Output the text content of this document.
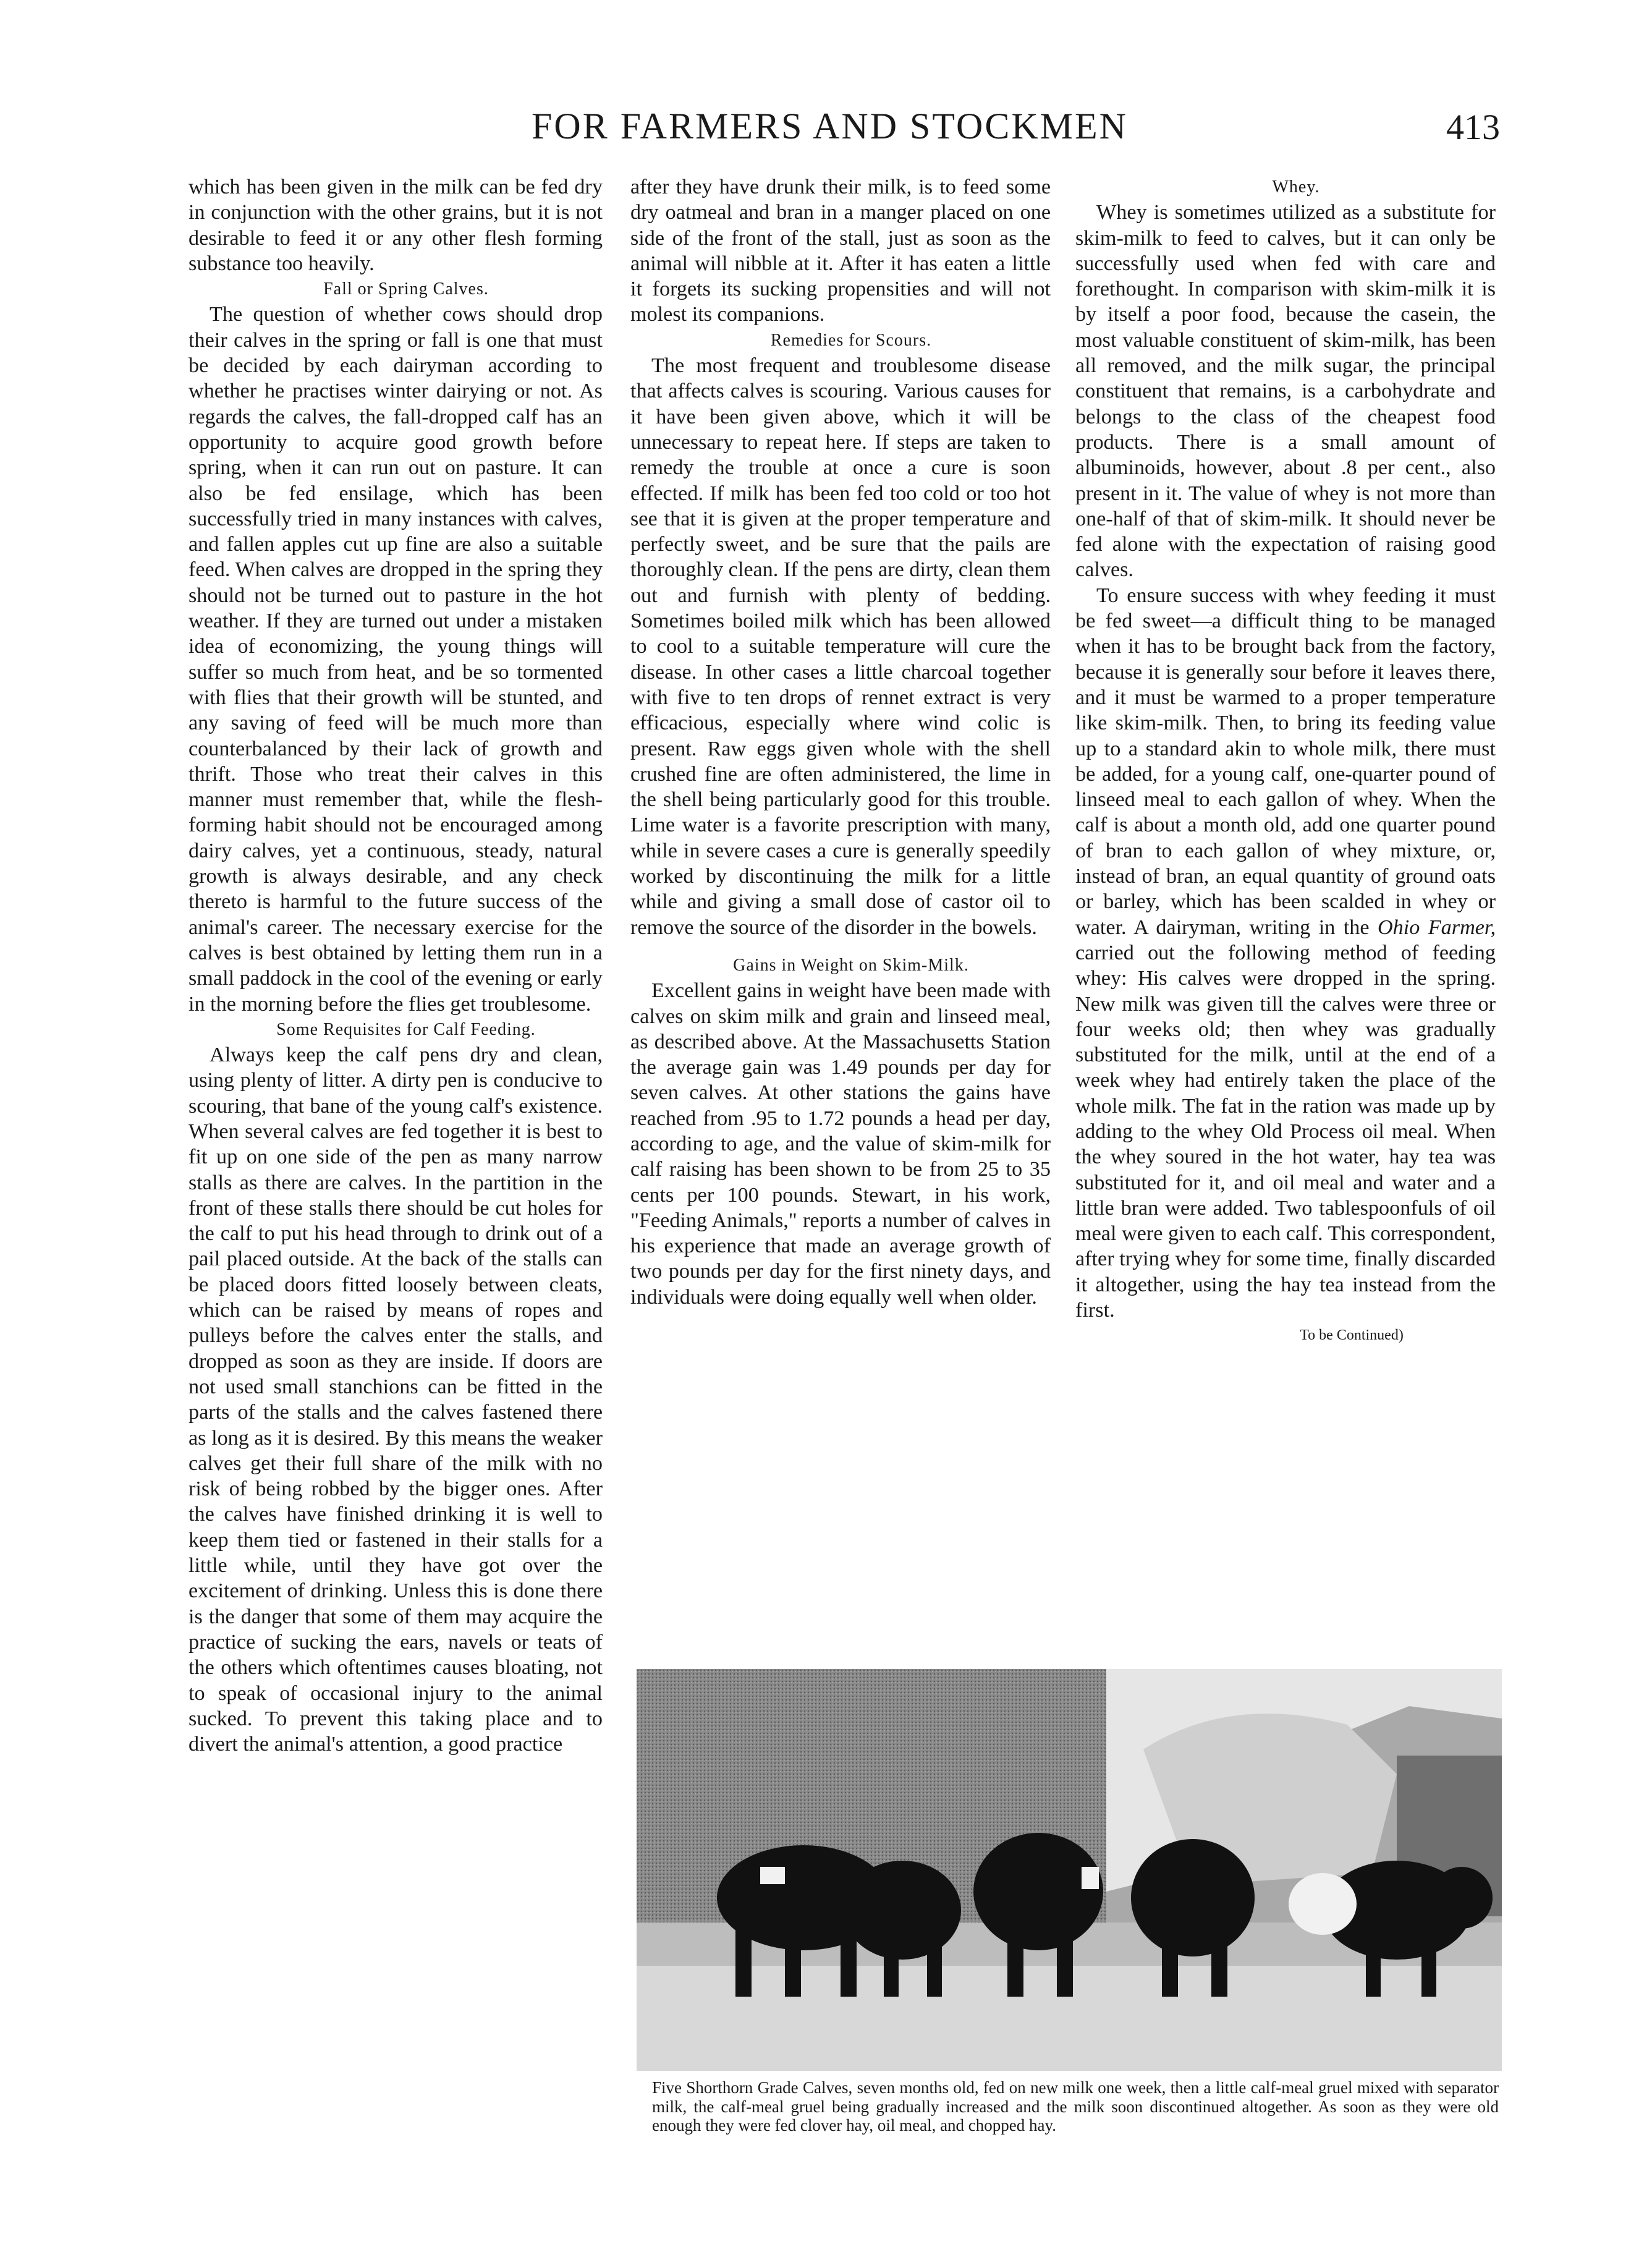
FOR FARMERS AND STOCKMEN	413

which has been given in the milk can be fed dry in conjunction with the other grains, but it is not desirable to feed it or any other flesh forming substance too heavily.

Fall or Spring Calves.

The question of whether cows should drop their calves in the spring or fall is one that must be decided by each dairyman according to whether he practises winter dairying or not. As regards the calves, the fall-dropped calf has an opportunity to acquire good growth before spring, when it can run out on pasture. It can also be fed ensilage, which has been successfully tried in many instances with calves, and fallen apples cut up fine are also a suitable feed. When calves are dropped in the spring they should not be turned out to pasture in the hot weather. If they are turned out under a mistaken idea of economizing, the young things will suffer so much from heat, and be so tormented with flies that their growth will be stunted, and any saving of feed will be much more than counterbalanced by their lack of growth and thrift. Those who treat their calves in this manner must remember that, while the flesh-forming habit should not be encouraged among dairy calves, yet a continuous, steady, natural growth is always desirable, and any check thereto is harmful to the future success of the animal's career. The necessary exercise for the calves is best obtained by letting them run in a small paddock in the cool of the evening or early in the morning before the flies get troublesome.

Some Requisites for Calf Feeding.

Always keep the calf pens dry and clean, using plenty of litter. A dirty pen is conducive to scouring, that bane of the young calf's existence. When several calves are fed together it is best to fit up on one side of the pen as many narrow stalls as there are calves. In the partition in the front of these stalls there should be cut holes for the calf to put his head through to drink out of a pail placed outside. At the back of the stalls can be placed doors fitted loosely between cleats, which can be raised by means of ropes and pulleys before the calves enter the stalls, and dropped as soon as they are inside. If doors are not used small stanchions can be fitted in the parts of the stalls and the calves fastened there as long as it is desired. By this means the weaker calves get their full share of the milk with no risk of being robbed by the bigger ones. After the calves have finished drinking it is well to keep them tied or fastened in their stalls for a little while, until they have got over the excitement of drinking. Unless this is done there is the danger that some of them may acquire the practice of sucking the ears, navels or teats of the others which oftentimes causes bloating, not to speak of occasional injury to the animal sucked. To prevent this taking place and to divert the animal's attention, a good practice

after they have drunk their milk, is to feed some dry oatmeal and bran in a manger placed on one side of the front of the stall, just as soon as the animal will nibble at it. After it has eaten a little it forgets its sucking propensities and will not molest its companions.

Remedies for Scours.

The most frequent and troublesome disease that affects calves is scouring. Various causes for it have been given above, which it will be unnecessary to repeat here. If steps are taken to remedy the trouble at once a cure is soon effected. If milk has been fed too cold or too hot see that it is given at the proper temperature and perfectly sweet, and be sure that the pails are thoroughly clean. If the pens are dirty, clean them out and furnish with plenty of bedding. Sometimes boiled milk which has been allowed to cool to a suitable temperature will cure the disease. In other cases a little charcoal together with five to ten drops of rennet extract is very efficacious, especially where wind colic is present. Raw eggs given whole with the shell crushed fine are often administered, the lime in the shell being particularly good for this trouble. Lime water is a favorite prescription with many, while in severe cases a cure is generally speedily worked by discontinuing the milk for a little while and giving a small dose of castor oil to remove the source of the disorder in the bowels.

Gains in Weight on Skim-Milk.

Excellent gains in weight have been made with calves on skim milk and grain and linseed meal, as described above. At the Massachusetts Station the average gain was 1.49 pounds per day for seven calves. At other stations the gains have reached from .95 to 1.72 pounds a head per day, according to age, and the value of skim-milk for calf raising has been shown to be from 25 to 35 cents per 100 pounds. Stewart, in his work, "Feeding Animals," reports a number of calves in his experience that made an average growth of two pounds per day for the first ninety days, and individuals were doing equally well when older.

Whey.

Whey is sometimes utilized as a substitute for skim-milk to feed to calves, but it can only be successfully used when fed with care and forethought. In comparison with skim-milk it is by itself a poor food, because the casein, the most valuable constituent of skim-milk, has been all removed, and the milk sugar, the principal constituent that remains, is a carbohydrate and belongs to the class of the cheapest food products. There is a small amount of albuminoids, however, about .8 per cent., also present in it. The value of whey is not more than one-half of that of skim-milk. It should never be fed alone with the expectation of raising good calves.

To ensure success with whey feeding it must be fed sweet—a difficult thing to be managed when it has to be brought back from the factory, because it is generally sour before it leaves there, and it must be warmed to a proper temperature like skim-milk. Then, to bring its feeding value up to a standard akin to whole milk, there must be added, for a young calf, one-quarter pound of linseed meal to each gallon of whey. When the calf is about a month old, add one quarter pound of bran to each gallon of whey mixture, or, instead of bran, an equal quantity of ground oats or barley, which has been scalded in whey or water. A dairyman, writing in the Ohio Farmer, carried out the following method of feeding whey: His calves were dropped in the spring. New milk was given till the calves were three or four weeks old; then whey was gradually substituted for the milk, until at the end of a week whey had entirely taken the place of the whole milk. The fat in the ration was made up by adding to the whey Old Process oil meal. When the whey soured in the hot water, hay tea was substituted for it, and oil meal and water and a little bran were added. Two tablespoonfuls of oil meal were given to each calf. This correspondent, after trying whey for some time, finally discarded it altogether, using the hay tea instead from the first.

To be Continued)

Five Shorthorn Grade Calves, seven months old, fed on new milk one week, then a little calf-meal gruel mixed with separator milk, the calf-meal gruel being gradually increased and the milk soon discontinued altogether. As soon as they were old enough they were fed clover hay, oil meal, and chopped hay.
